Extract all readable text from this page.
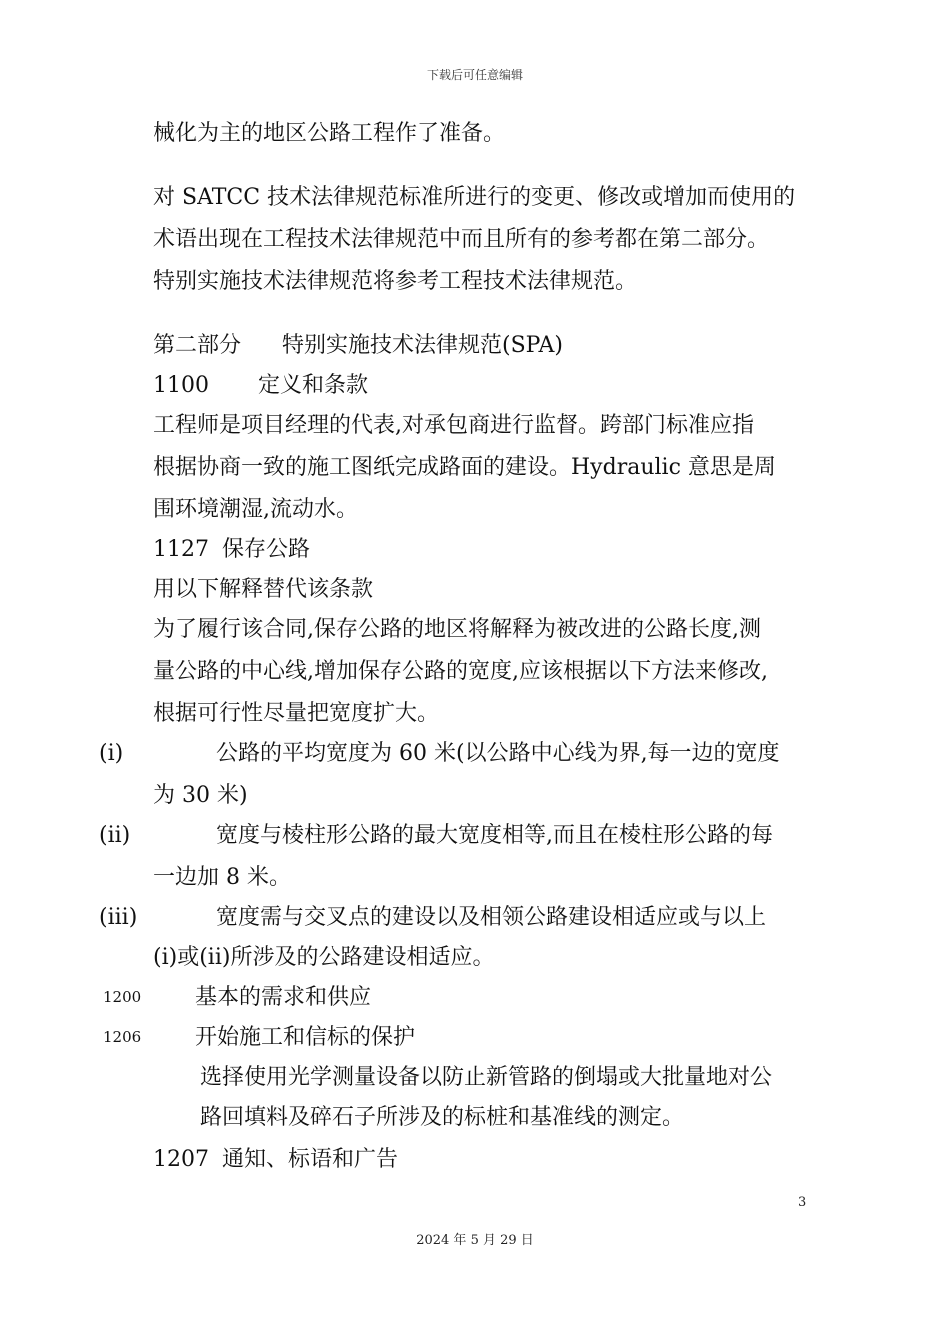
下载后可任意编辑
械化为主的地区公路工程作了准备。
对 SATCC 技术法律规范标准所进行的变更、修改或增加而使用的
术语出现在工程技术法律规范中而且所有的参考都在第二部分。
特别实施技术法律规范将参考工程技术法律规范。
第二部分 特别实施技术法律规范(SPA)
1100 定义和条款
工程师是项目经理的代表,对承包商进行监督。跨部门标准应指
根据协商一致的施工图纸完成路面的建设。Hydraulic 意思是周
围环境潮湿,流动水。
1127 保存公路
用以下解释替代该条款
为了履行该合同,保存公路的地区将解释为被改进的公路长度,测
量公路的中心线,增加保存公路的宽度,应该根据以下方法来修改,
根据可行性尽量把宽度扩大。
(i)	公路的平均宽度为 60 米(以公路中心线为界,每一边的宽度
为 30 米)
(ii)	宽度与棱柱形公路的最大宽度相等,而且在棱柱形公路的每
一边加 8 米。
(iii)	宽度需与交叉点的建设以及相领公路建设相适应或与以上
(i)或(ii)所涉及的公路建设相适应。
1200 基本的需求和供应
1206 开始施工和信标的保护
选择使用光学测量设备以防止新管路的倒塌或大批量地对公
路回填料及碎石子所涉及的标桩和基准线的测定。
1207 通知、标语和广告
3
2024 年 5 月 29 日
